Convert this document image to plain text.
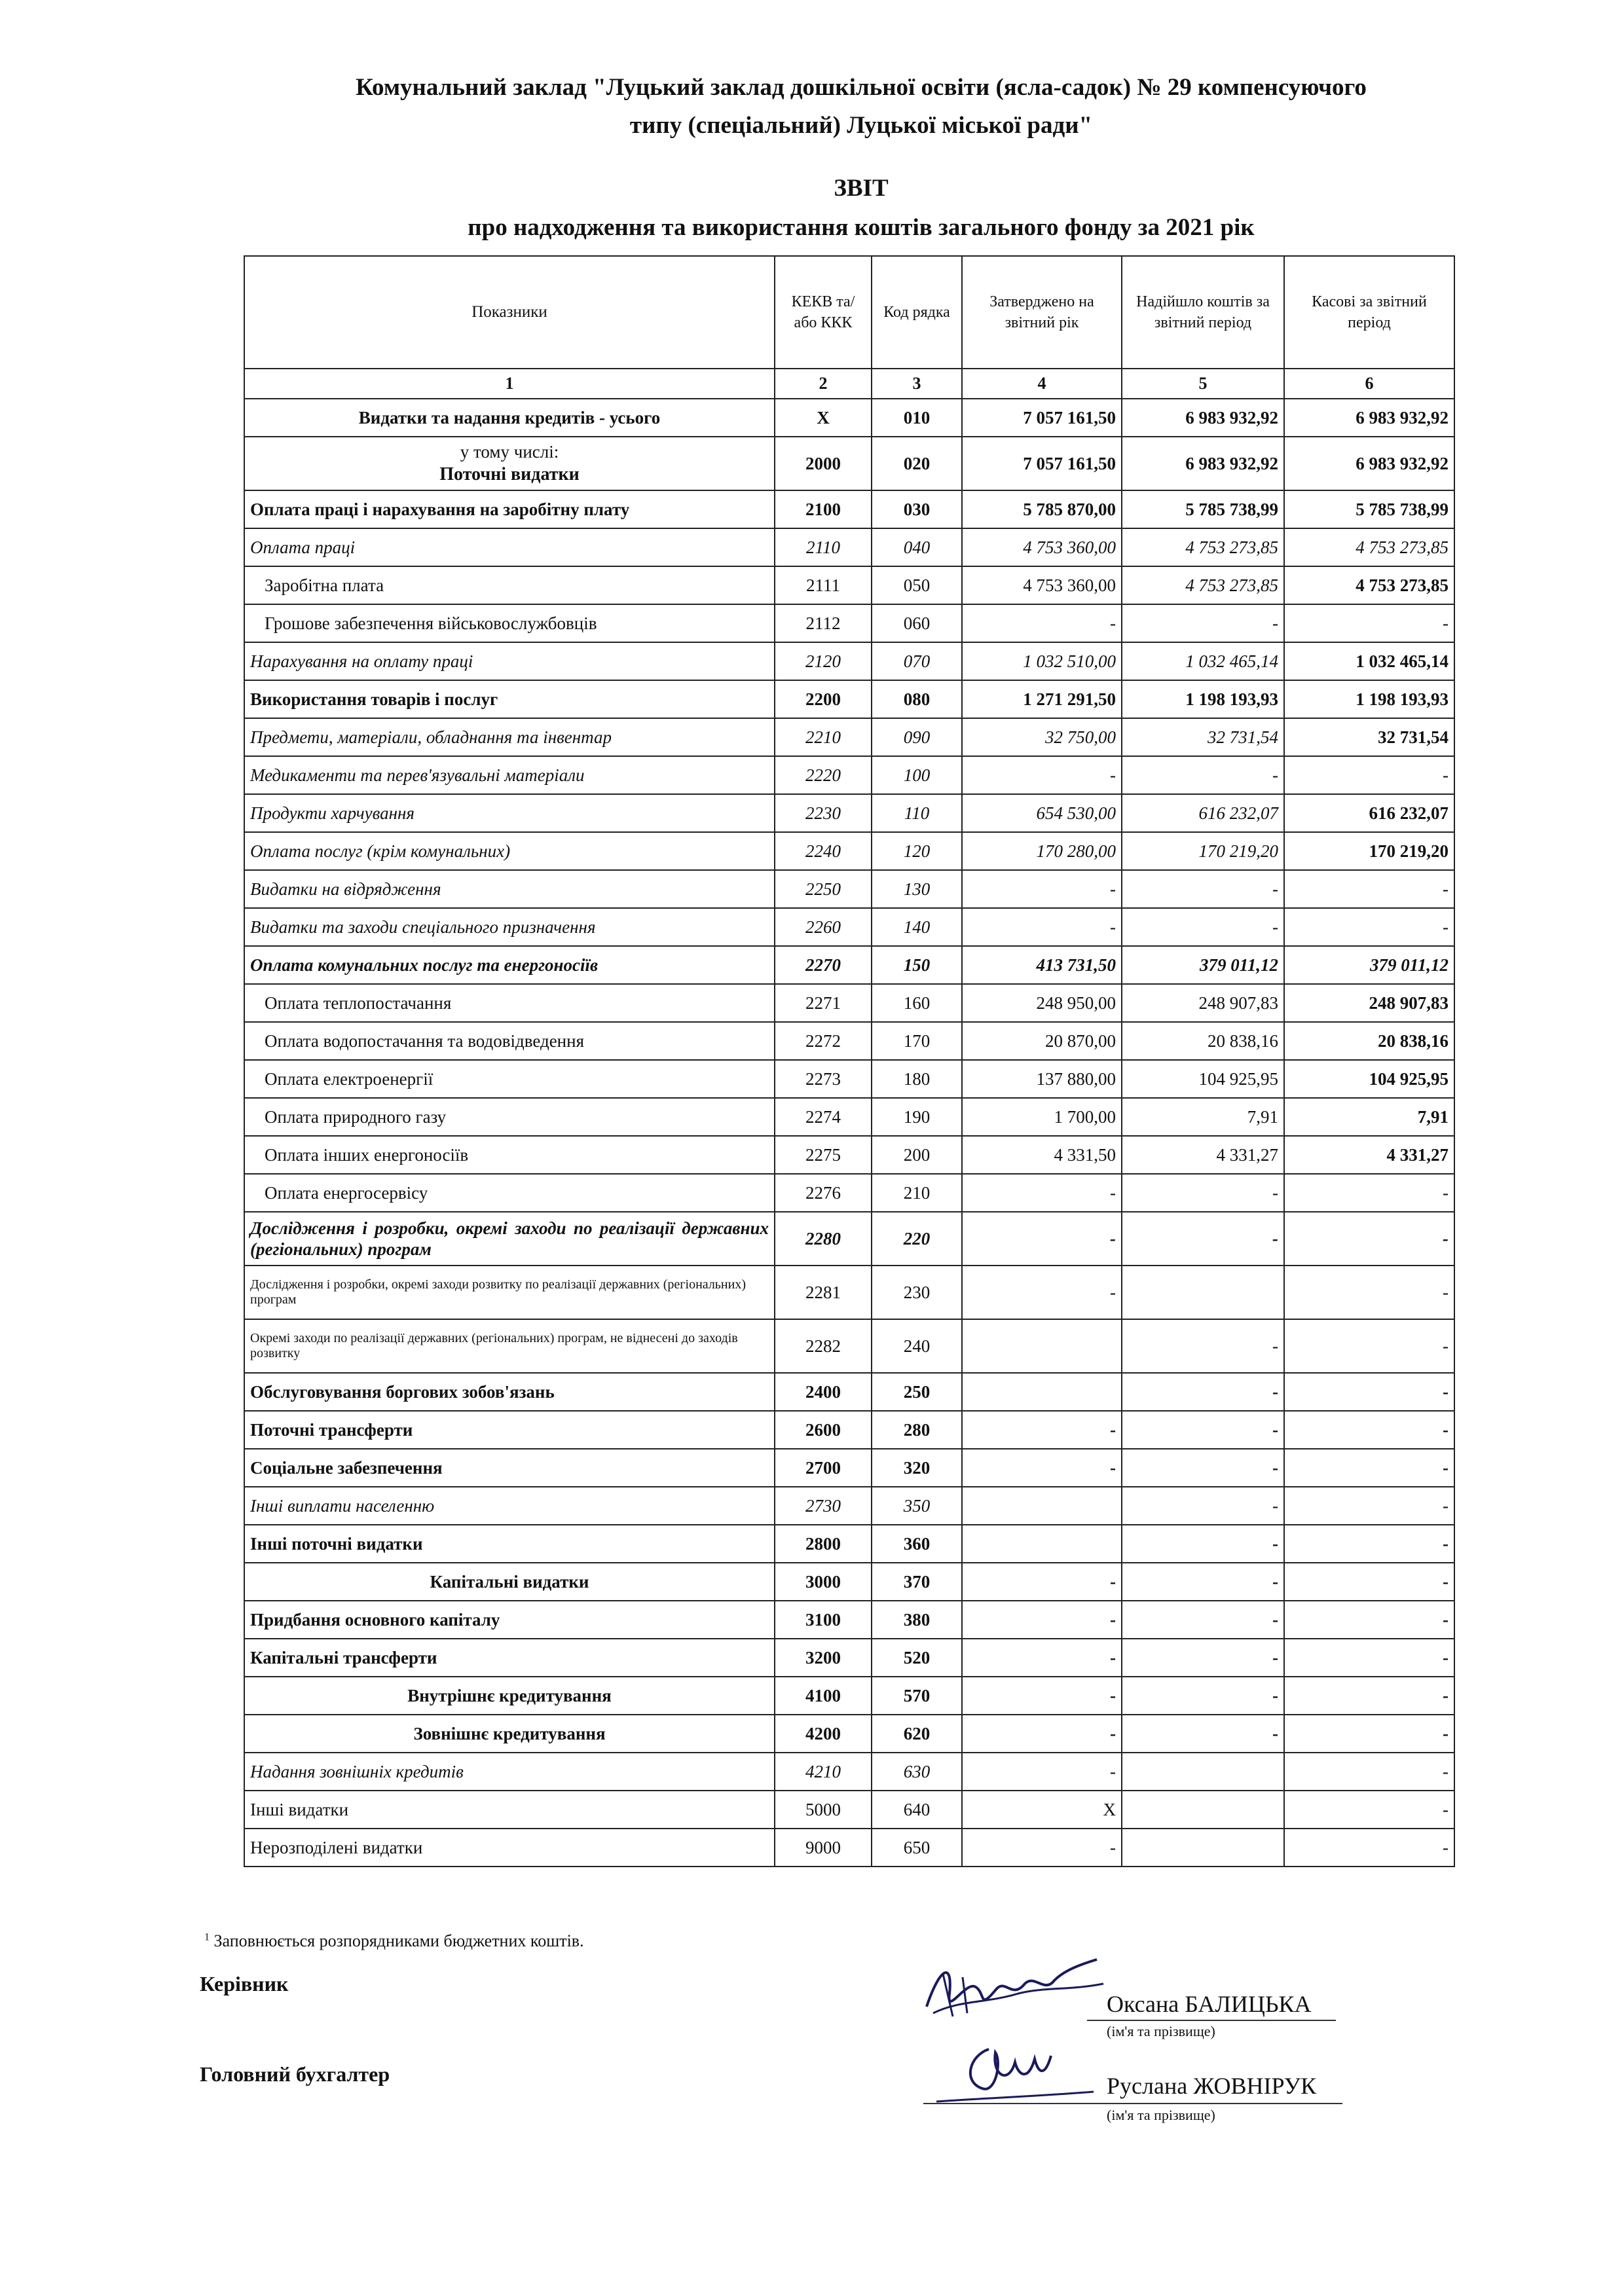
Комунальний заклад "Луцький заклад дошкільної освіти (ясла-садок) № 29 компенсуючого
типу (спеціальний) Луцької міської ради"
ЗВІТ
про надходження та використання коштів загального фонду за 2021 рік
Показники	КЕКВ та/або ККК	Код рядка	Затверджено на звітний рік	Надійшло коштів за звітний період	Касові за звітний період
1	2	3	4	5	6
Видатки та надання кредитів - усього	Х	010	7 057 161,50	6 983 932,92	6 983 932,92

у тому числі:
Поточні видатки	2000	020	7 057 161,50	6 983 932,92	6 983 932,92
Оплата праці і нарахування на заробітну плату	2100	030	5 785 870,00	5 785 738,99	5 785 738,99
Оплата праці	2110	040	4 753 360,00	4 753 273,85	4 753 273,85
Заробітна плата	2111	050	4 753 360,00	4 753 273,85	4 753 273,85
Грошове забезпечення військовослужбовців	2112	060	-	-	-
Нарахування на оплату праці	2120	070	1 032 510,00	1 032 465,14	1 032 465,14
Використання товарів і послуг	2200	080	1 271 291,50	1 198 193,93	1 198 193,93
Предмети, матеріали, обладнання та інвентар	2210	090	32 750,00	32 731,54	32 731,54
Медикаменти та перев'язувальні матеріали	2220	100	-	-	-
Продукти харчування	2230	110	654 530,00	616 232,07	616 232,07
Оплата послуг (крім комунальних)	2240	120	170 280,00	170 219,20	170 219,20
Видатки на відрядження	2250	130	-	-	-
Видатки та заходи спеціального призначення	2260	140	-	-	-
Оплата комунальних послуг та енергоносіїв	2270	150	413 731,50	379 011,12	379 011,12
Оплата теплопостачання	2271	160	248 950,00	248 907,83	248 907,83
Оплата водопостачання та водовідведення	2272	170	20 870,00	20 838,16	20 838,16
Оплата електроенергії	2273	180	137 880,00	104 925,95	104 925,95
Оплата природного газу	2274	190	1 700,00	7,91	7,91
Оплата інших енергоносіїв	2275	200	4 331,50	4 331,27	4 331,27
Оплата енергосервісу	2276	210	-	-	-
Дослідження і розробки, окремі заходи по реалізації державних (регіональних) програм	2280	220	-	-	-
Дослідження і розробки, окремі заходи розвитку по реалізації державних (регіональних) програм	2281	230	-		-
Окремі заходи по реалізації державних (регіональних) програм, не віднесені до заходів розвитку	2282	240		-	-
Обслуговування боргових зобов'язань	2400	250		-	-
Поточні трансферти	2600	280	-	-	-
Соціальне забезпечення	2700	320	-	-	-
Інші виплати населенню	2730	350		-	-
Інші поточні видатки	2800	360		-	-
Капітальні видатки	3000	370	-	-	-
Придбання основного капіталу	3100	380	-	-	-
Капітальні трансферти	3200	520	-	-	-
Внутрішнє кредитування	4100	570	-	-	-
Зовнішнє кредитування	4200	620	-	-	-
Надання зовнішніх кредитів	4210	630	-		-
Інші видатки	5000	640	Х		-
Нерозподілені видатки	9000	650	-		-
$^1$ Заповнюється розпорядниками бюджетних коштів.
Керівник
Оксана БАЛИЦЬКА
(ім'я та прізвище)
Головний бухгалтер	Руслана ЖОВНІРУК
(ім'я та прізвище)
